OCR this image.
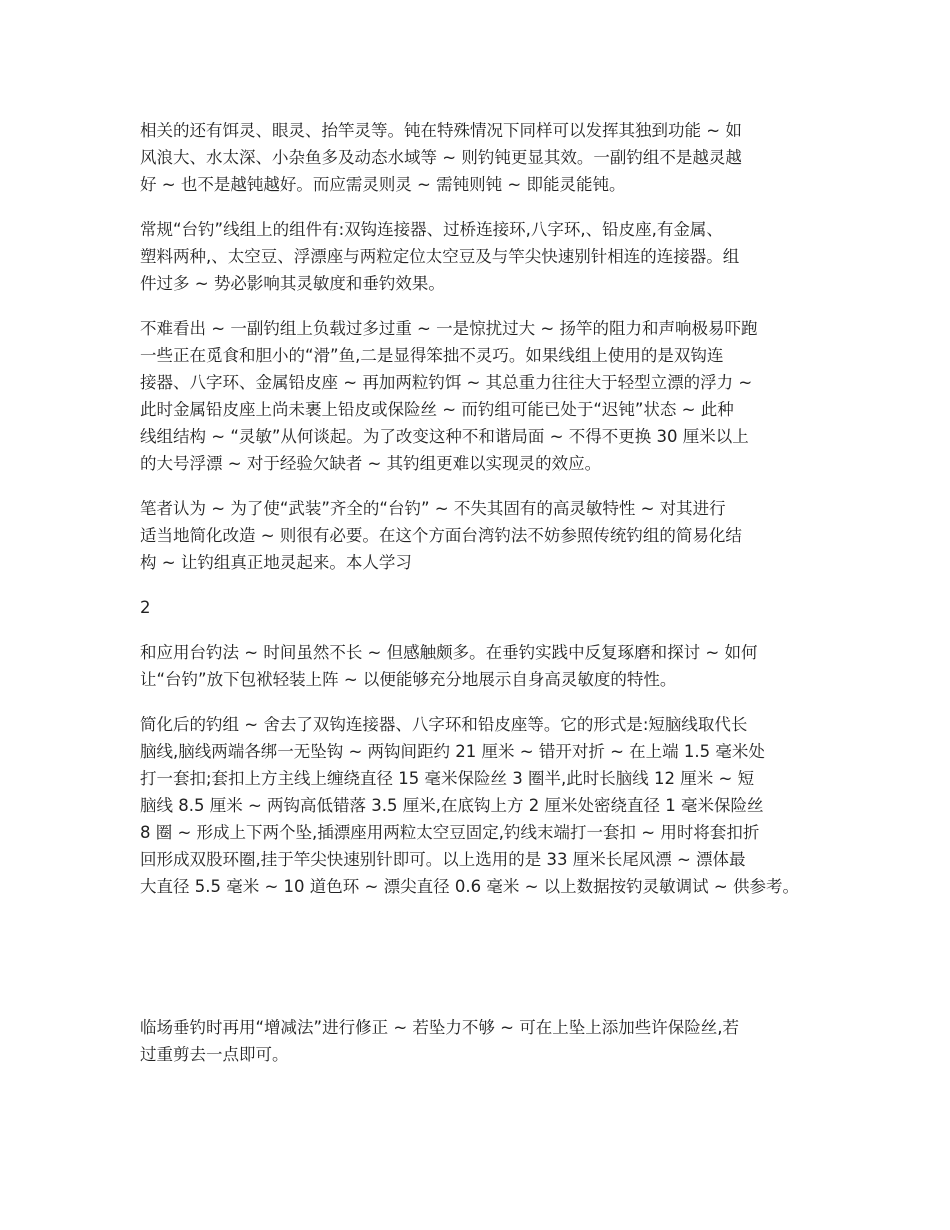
相关的还有饵灵、眼灵、抬竿灵等。钝在特殊情况下同样可以发挥其独到功能 ~ 如
风浪大、水太深、小杂鱼多及动态水域等 ~ 则钓钝更显其效。一副钓组不是越灵越
好 ~ 也不是越钝越好。而应需灵则灵 ~ 需钝则钝 ~ 即能灵能钝。

常规“台钓”线组上的组件有:双钩连接器、过桥连接环,八字环,、铅皮座,有金属、
塑料两种,、太空豆、浮漂座与两粒定位太空豆及与竿尖快速别针相连的连接器。组
件过多 ~ 势必影响其灵敏度和垂钓效果。

不难看出 ~ 一副钓组上负载过多过重 ~ 一是惊扰过大 ~ 扬竿的阻力和声响极易吓跑
一些正在觅食和胆小的“滑”鱼,二是显得笨拙不灵巧。如果线组上使用的是双钩连
接器、八字环、金属铅皮座 ~ 再加两粒钓饵 ~ 其总重力往往大于轻型立漂的浮力 ~
此时金属铅皮座上尚未裹上铅皮或保险丝 ~ 而钓组可能已处于“迟钝”状态 ~ 此种
线组结构 ~ “灵敏”从何谈起。为了改变这种不和谐局面 ~ 不得不更换 30 厘米以上
的大号浮漂 ~ 对于经验欠缺者 ~ 其钓组更难以实现灵的效应。

笔者认为 ~ 为了使“武装”齐全的“台钓” ~ 不失其固有的高灵敏特性 ~ 对其进行
适当地简化改造 ~ 则很有必要。在这个方面台湾钓法不妨参照传统钓组的简易化结
构 ~ 让钓组真正地灵起来。本人学习

2

和应用台钓法 ~ 时间虽然不长 ~ 但感触颇多。在垂钓实践中反复琢磨和探讨 ~ 如何
让“台钓”放下包袱轻装上阵 ~ 以便能够充分地展示自身高灵敏度的特性。

简化后的钓组 ~ 舍去了双钩连接器、八字环和铅皮座等。它的形式是:短脑线取代长
脑线,脑线两端各绑一无坠钩 ~ 两钩间距约 21 厘米 ~ 错开对折 ~ 在上端 1.5 毫米处
打一套扣;套扣上方主线上缠绕直径 15 毫米保险丝 3 圈半,此时长脑线 12 厘米 ~ 短
脑线 8.5 厘米 ~ 两钩高低错落 3.5 厘米,在底钩上方 2 厘米处密绕直径 1 毫米保险丝
8 圈 ~ 形成上下两个坠,插漂座用两粒太空豆固定,钓线末端打一套扣 ~ 用时将套扣折
回形成双股环圈,挂于竿尖快速别针即可。以上选用的是 33 厘米长尾风漂 ~ 漂体最
大直径 5.5 毫米 ~ 10 道色环 ~ 漂尖直径 0.6 毫米 ~ 以上数据按钓灵敏调试 ~ 供参考。

临场垂钓时再用“增减法”进行修正 ~ 若坠力不够 ~ 可在上坠上添加些许保险丝,若
过重剪去一点即可。
